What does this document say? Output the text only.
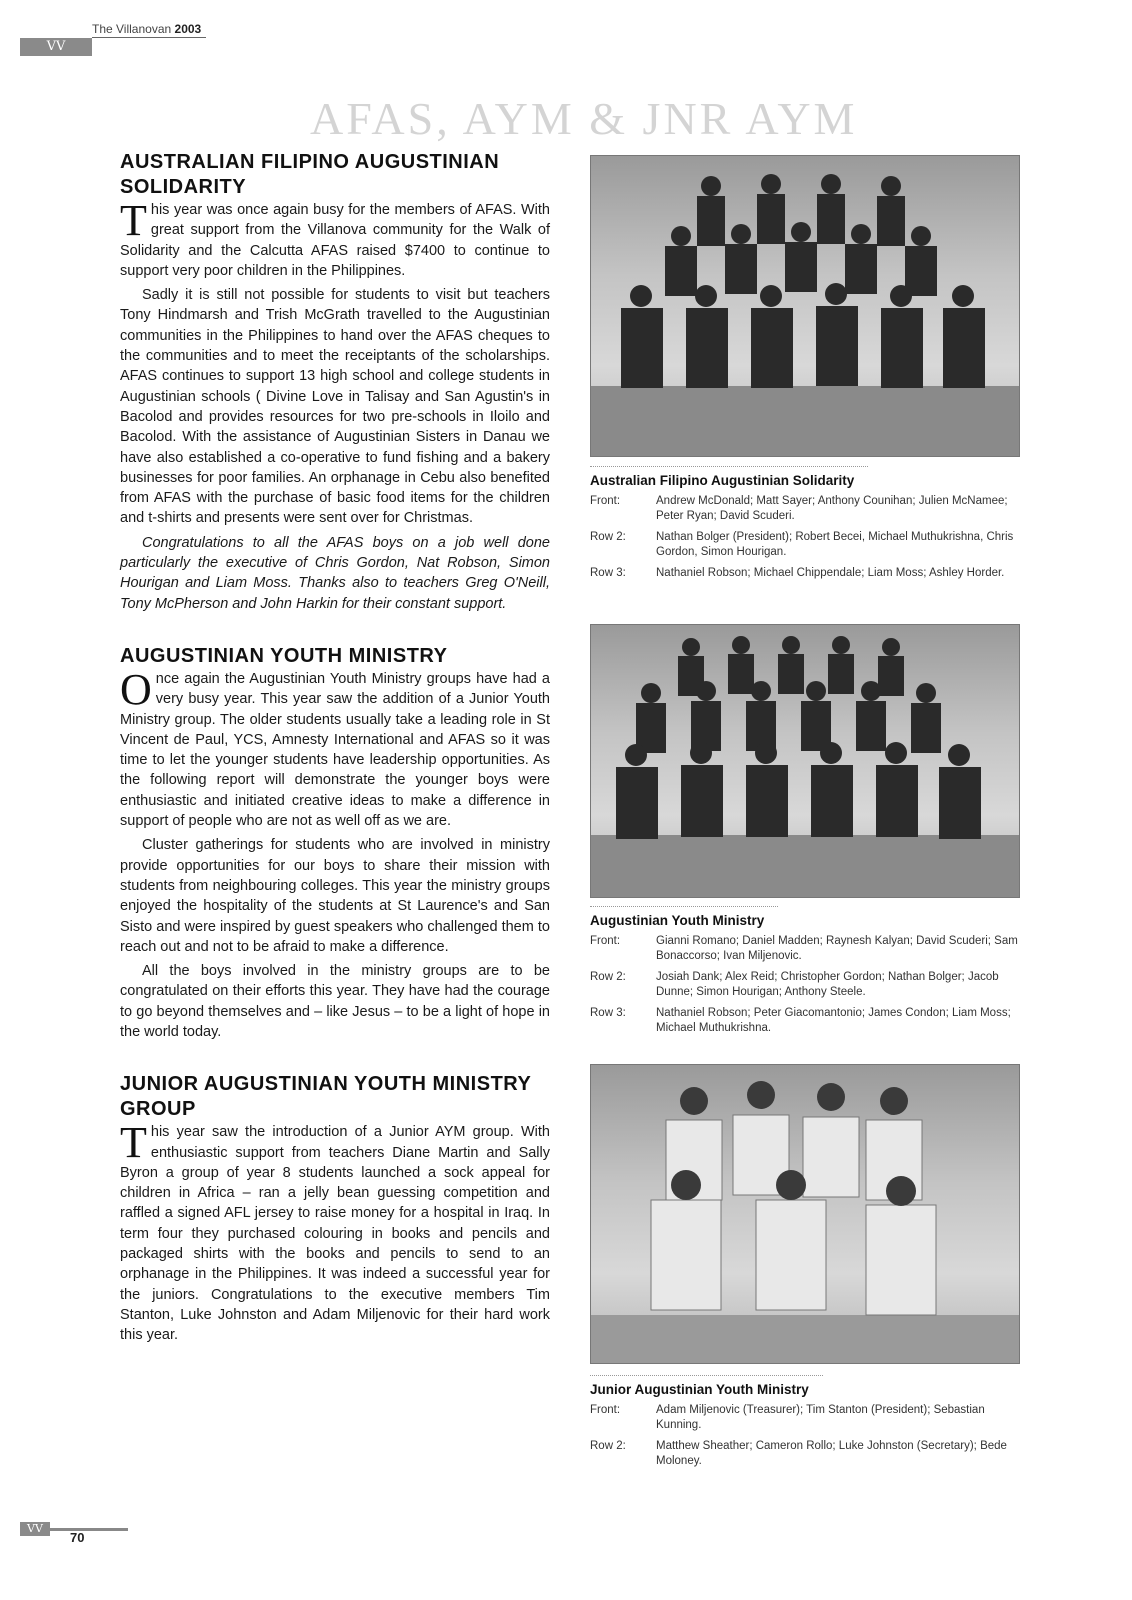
The Villanovan 2003
VV
AFAS, AYM & JNR AYM
AUSTRALIAN FILIPINO AUGUSTINIAN SOLIDARITY

T his year was once again busy for the members of AFAS. With great support from the Villanova community for the Walk of Solidarity and the Calcutta AFAS raised $7400 to continue to support very poor children in the Philippines.

Sadly it is still not possible for students to visit but teachers Tony Hindmarsh and Trish McGrath travelled to the Augustinian communities in the Philippines to hand over the AFAS cheques to the communities and to meet the receiptants of the scholarships. AFAS continues to support 13 high school and college students in Augustinian schools ( Divine Love in Talisay and San Agustin's in Bacolod and provides resources for two pre-schools in Iloilo and Bacolod. With the assistance of Augustinian Sisters in Danau we have also established a co-operative to fund fishing and a bakery businesses for poor families. An orphanage in Cebu also benefited from AFAS with the purchase of basic food items for the children and t-shirts and presents were sent over for Christmas.

Congratulations to all the AFAS boys on a job well done particularly the executive of Chris Gordon, Nat Robson, Simon Hourigan and Liam Moss. Thanks also to teachers Greg O'Neill, Tony McPherson and John Harkin for their constant support.

AUGUSTINIAN YOUTH MINISTRY

O nce again the Augustinian Youth Ministry groups have had a very busy year. This year saw the addition of a Junior Youth Ministry group. The older students usually take a leading role in St Vincent de Paul, YCS, Amnesty International and AFAS so it was time to let the younger students have leadership opportunities. As the following report will demonstrate the younger boys were enthusiastic and initiated creative ideas to make a difference in support of people who are not as well off as we are.

Cluster gatherings for students who are involved in ministry provide opportunities for our boys to share their mission with students from neighbouring colleges. This year the ministry groups enjoyed the hospitality of the students at St Laurence's and San Sisto and were inspired by guest speakers who challenged them to reach out and not to be afraid to make a difference.

All the boys involved in the ministry groups are to be congratulated on their efforts this year. They have had the courage to go beyond themselves and – like Jesus – to be a light of hope in the world today.

JUNIOR AUGUSTINIAN YOUTH MINISTRY GROUP

T his year saw the introduction of a Junior AYM group. With enthusiastic support from teachers Diane Martin and Sally Byron a group of year 8 students launched a sock appeal for children in Africa – ran a jelly bean guessing competition and raffled a signed AFL jersey to raise money for a hospital in Iraq. In term four they purchased colouring in books and pencils and packaged shirts with the books and pencils to send to an orphanage in the Philippines. It was indeed a successful year for the juniors. Congratulations to the executive members Tim Stanton, Luke Johnston and Adam Miljenovic for their hard work this year.

Australian Filipino Augustinian Solidarity
Front:	Andrew McDonald; Matt Sayer; Anthony Counihan; Julien McNamee; Peter Ryan; David Scuderi.
Row 2:	Nathan Bolger (President); Robert Becei, Michael Muthukrishna, Chris Gordon, Simon Hourigan.
Row 3:	Nathaniel Robson; Michael Chippendale; Liam Moss; Ashley Horder.
Augustinian Youth Ministry
Front:	Gianni Romano; Daniel Madden; Raynesh Kalyan; David Scuderi; Sam Bonaccorso; Ivan Miljenovic.
Row 2:	Josiah Dank; Alex Reid; Christopher Gordon; Nathan Bolger; Jacob Dunne; Simon Hourigan; Anthony Steele.
Row 3:	Nathaniel Robson; Peter Giacomantonio; James Condon; Liam Moss; Michael Muthukrishna.
Junior Augustinian Youth Ministry
Front:	Adam Miljenovic (Treasurer); Tim Stanton (President); Sebastian Kunning.
Row 2:	Matthew Sheather; Cameron Rollo; Luke Johnston (Secretary); Bede Moloney.
VV
70
